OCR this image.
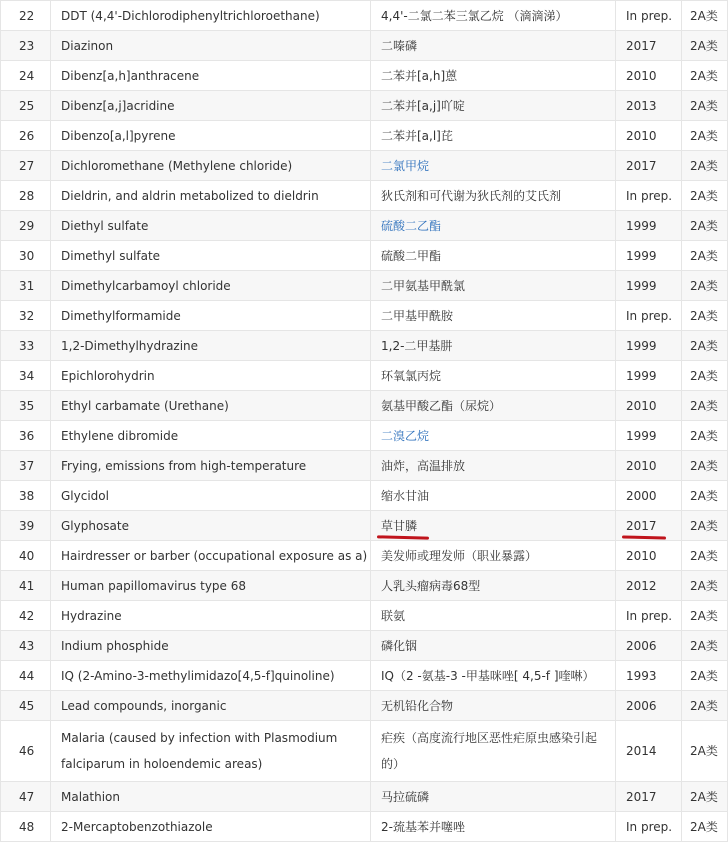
22	DDT (4,4'-Dichlorodiphenyltrichloroethane)	4,4'-二氯二苯三氯乙烷 （滴滴涕）	In prep.	2A类
23	Diazinon	二嗪磷	2017	2A类
24	Dibenz[a,h]anthracene	二苯并[a,h]蒽	2010	2A类
25	Dibenz[a,j]acridine	二苯并[a,j]吖啶	2013	2A类
26	Dibenzo[a,l]pyrene	二苯并[a,l]芘	2010	2A类
27	Dichloromethane (Methylene chloride)	二氯甲烷	2017	2A类
28	Dieldrin, and aldrin metabolized to dieldrin	狄氏剂和可代谢为狄氏剂的艾氏剂	In prep.	2A类
29	Diethyl sulfate	硫酸二乙酯	1999	2A类
30	Dimethyl sulfate	硫酸二甲酯	1999	2A类
31	Dimethylcarbamoyl chloride	二甲氨基甲酰氯	1999	2A类
32	Dimethylformamide	二甲基甲酰胺	In prep.	2A类
33	1,2-Dimethylhydrazine	1,2-二甲基肼	1999	2A类
34	Epichlorohydrin	环氧氯丙烷	1999	2A类
35	Ethyl carbamate (Urethane)	氨基甲酸乙酯（尿烷）	2010	2A类
36	Ethylene dibromide	二溴乙烷	1999	2A类
37	Frying, emissions from high-temperature	油炸，高温排放	2010	2A类
38	Glycidol	缩水甘油	2000	2A类
39	Glyphosate	草甘膦	2017	2A类
40	Hairdresser or barber (occupational exposure as a)	美发师或理发师（职业暴露）	2010	2A类
41	Human papillomavirus type 68	人乳头瘤病毒68型	2012	2A类
42	Hydrazine	联氨	In prep.	2A类
43	Indium phosphide	磷化铟	2006	2A类
44	IQ (2-Amino-3-methylimidazo[4,5-f]quinoline)	IQ（2 -氨基-3 -甲基咪唑[ 4,5-f ]喹啉）	1993	2A类
45	Lead compounds, inorganic	无机铅化合物	2006	2A类
46	Malaria (caused by infection with Plasmodium falciparum in holoendemic areas)	疟疾（高度流行地区恶性疟原虫感染引起的）	2014	2A类
47	Malathion	马拉硫磷	2017	2A类
48	2-Mercaptobenzothiazole	2-巯基苯并噻唑	In prep.	2A类
